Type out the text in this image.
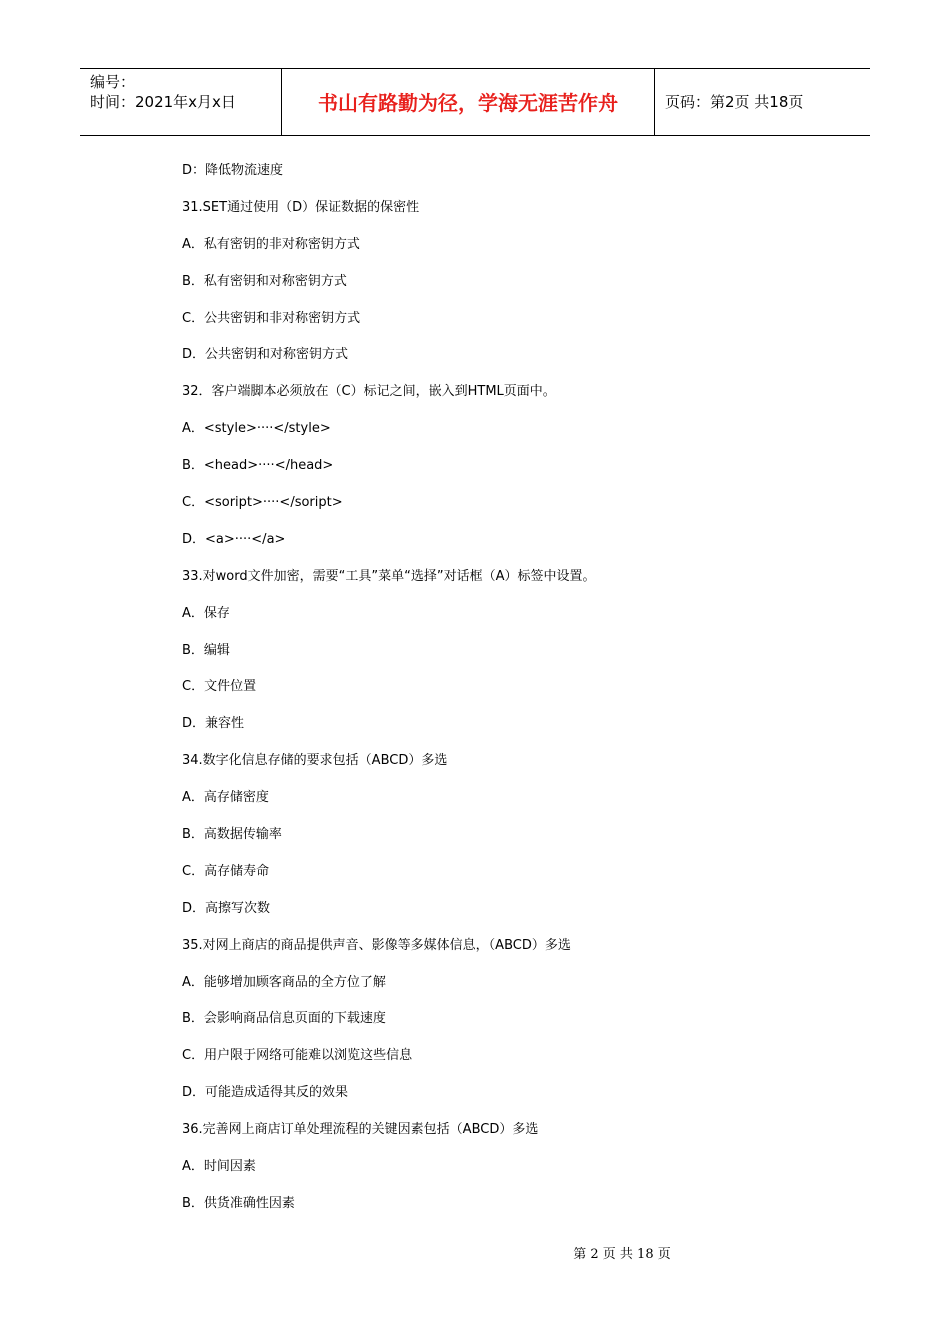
编号：
时间：2021年x月x日	书山有路勤为径，学海无涯苦作舟	页码：第2页 共18页
D：降低物流速度
31.SET通过使用（D）保证数据的保密性
A．私有密钥的非对称密钥方式
B．私有密钥和对称密钥方式
C．公共密钥和非对称密钥方式
D．公共密钥和对称密钥方式
32．客户端脚本必须放在（C）标记之间，嵌入到HTML页面中。
A．<style>····</style>
B．<head>····</head>
C．<soript>····</soript>
D．<a>····</a>
33.对word文件加密，需要“工具”菜单“选择”对话框（A）标签中设置。
A．保存
B．编辑
C．文件位置
D．兼容性
34.数字化信息存储的要求包括（ABCD）多选
A．高存储密度
B．高数据传输率
C．高存储寿命
D．高擦写次数
35.对网上商店的商品提供声音、影像等多媒体信息，（ABCD）多选
A．能够增加顾客商品的全方位了解
B．会影响商品信息页面的下载速度
C．用户限于网络可能难以浏览这些信息
D．可能造成适得其反的效果
36.完善网上商店订单处理流程的关键因素包括（ABCD）多选
A．时间因素
B．供货准确性因素
第 2 页 共 18 页
